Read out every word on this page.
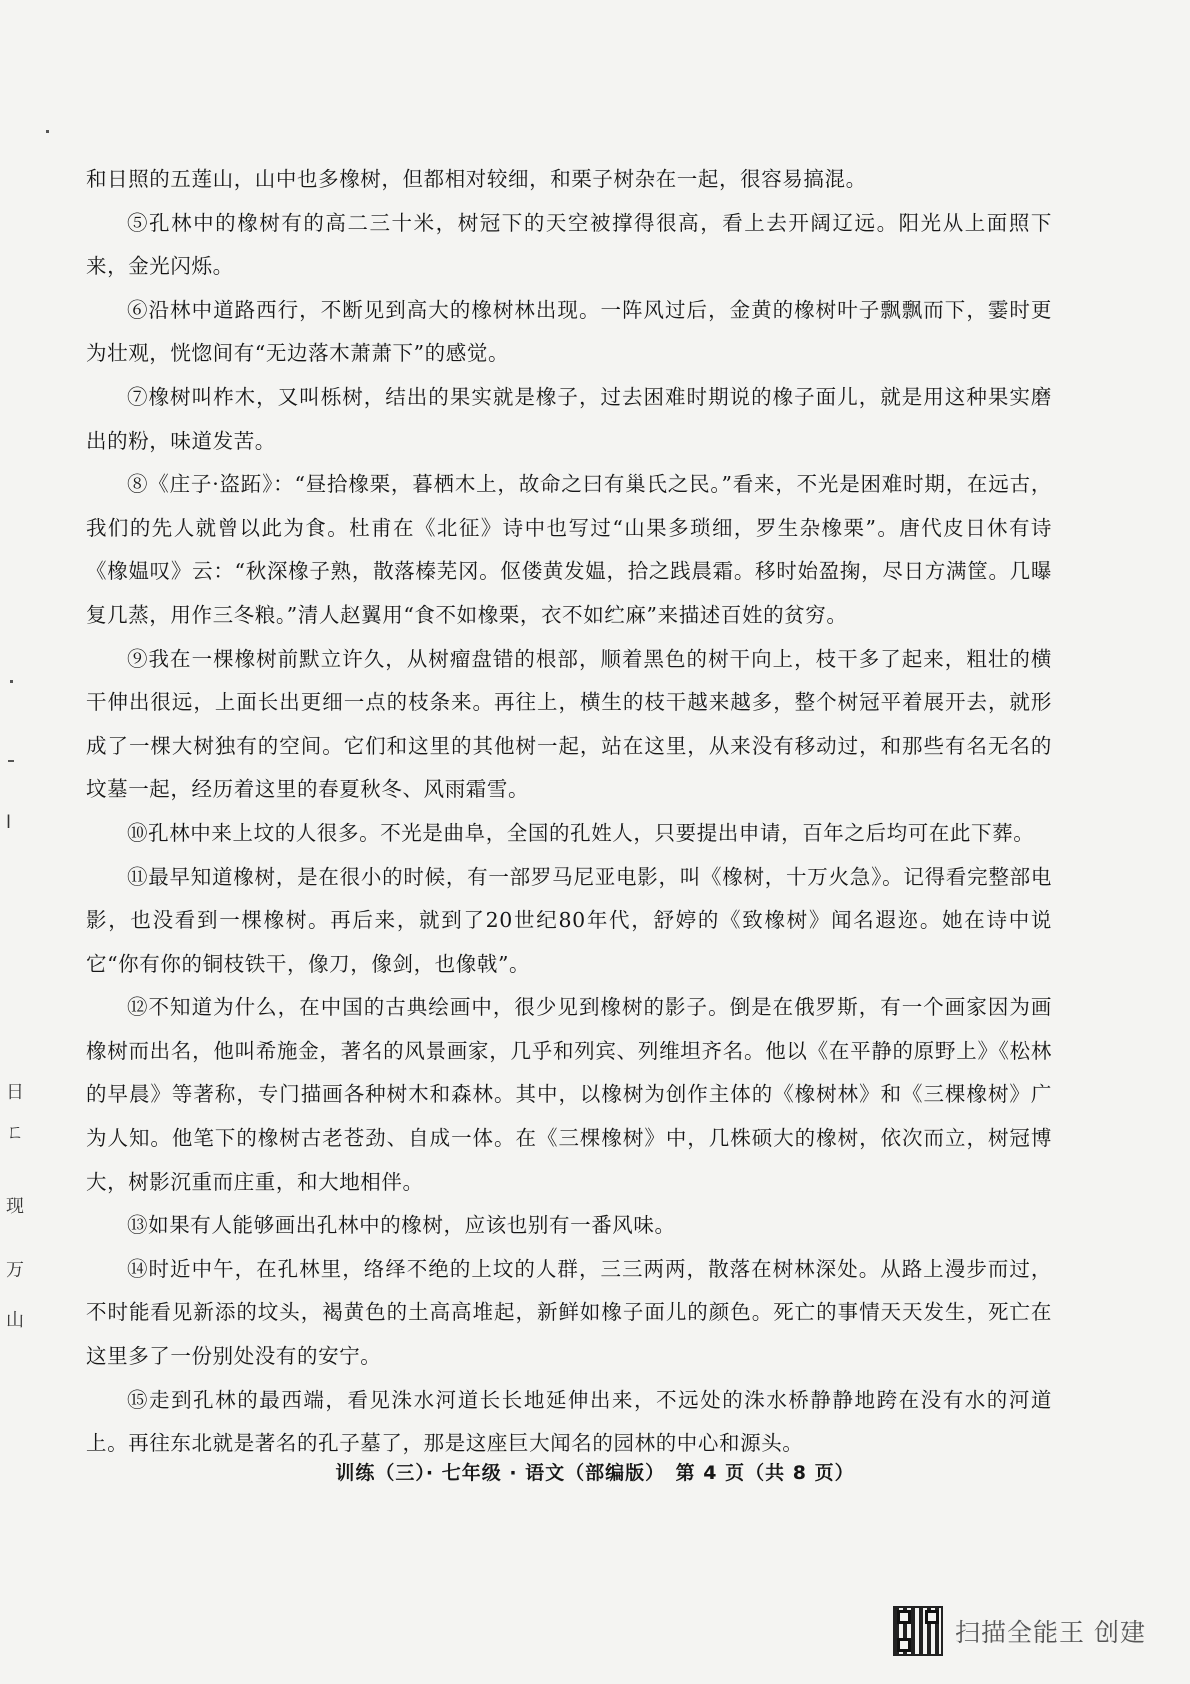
l
日
ㄈ
现
万
山

和日照的五莲山，山中也多橡树，但都相对较细，和栗子树杂在一起，很容易搞混。

⑤孔林中的橡树有的高二三十米，树冠下的天空被撑得很高，看上去开阔辽远。阳光从上面照下来，金光闪烁。

⑥沿林中道路西行，不断见到高大的橡树林出现。一阵风过后，金黄的橡树叶子飘飘而下，霎时更为壮观，恍惚间有“无边落木萧萧下”的感觉。

⑦橡树叫柞木，又叫栎树，结出的果实就是橡子，过去困难时期说的橡子面儿，就是用这种果实磨出的粉，味道发苦。

⑧《庄子·盗跖》：“昼拾橡栗，暮栖木上，故命之曰有巢氏之民。”看来，不光是困难时期，在远古，我们的先人就曾以此为食。杜甫在《北征》诗中也写过“山果多琐细，罗生杂橡栗”。唐代皮日休有诗《橡媪叹》云：“秋深橡子熟，散落榛芜冈。伛偻黄发媪，拾之践晨霜。移时始盈掬，尽日方满筐。几曝复几蒸，用作三冬粮。”清人赵翼用“食不如橡栗，衣不如纻麻”来描述百姓的贫穷。

⑨我在一棵橡树前默立许久，从树瘤盘错的根部，顺着黑色的树干向上，枝干多了起来，粗壮的横干伸出很远，上面长出更细一点的枝条来。再往上，横生的枝干越来越多，整个树冠平着展开去，就形成了一棵大树独有的空间。它们和这里的其他树一起，站在这里，从来没有移动过，和那些有名无名的坟墓一起，经历着这里的春夏秋冬、风雨霜雪。

⑩孔林中来上坟的人很多。不光是曲阜，全国的孔姓人，只要提出申请，百年之后均可在此下葬。

⑪最早知道橡树，是在很小的时候，有一部罗马尼亚电影，叫《橡树，十万火急》。记得看完整部电影，也没看到一棵橡树。再后来，就到了20世纪80年代，舒婷的《致橡树》闻名遐迩。她在诗中说它“你有你的铜枝铁干，像刀，像剑，也像戟”。

⑫不知道为什么，在中国的古典绘画中，很少见到橡树的影子。倒是在俄罗斯，有一个画家因为画橡树而出名，他叫希施金，著名的风景画家，几乎和列宾、列维坦齐名。他以《在平静的原野上》《松林的早晨》等著称，专门描画各种树木和森林。其中，以橡树为创作主体的《橡树林》和《三棵橡树》广为人知。他笔下的橡树古老苍劲、自成一体。在《三棵橡树》中，几株硕大的橡树，依次而立，树冠博大，树影沉重而庄重，和大地相伴。

⑬如果有人能够画出孔林中的橡树，应该也别有一番风味。

⑭时近中午，在孔林里，络绎不绝的上坟的人群，三三两两，散落在树林深处。从路上漫步而过，不时能看见新添的坟头，褐黄色的土高高堆起，新鲜如橡子面儿的颜色。死亡的事情天天发生，死亡在这里多了一份别处没有的安宁。

⑮走到孔林的最西端，看见洙水河道长长地延伸出来，不远处的洙水桥静静地跨在没有水的河道上。再往东北就是著名的孔子墓了，那是这座巨大闻名的园林的中心和源头。

训练（三）· 七年级 · 语文（部编版）　第 4 页（共 8 页）
扫描全能王 创建
